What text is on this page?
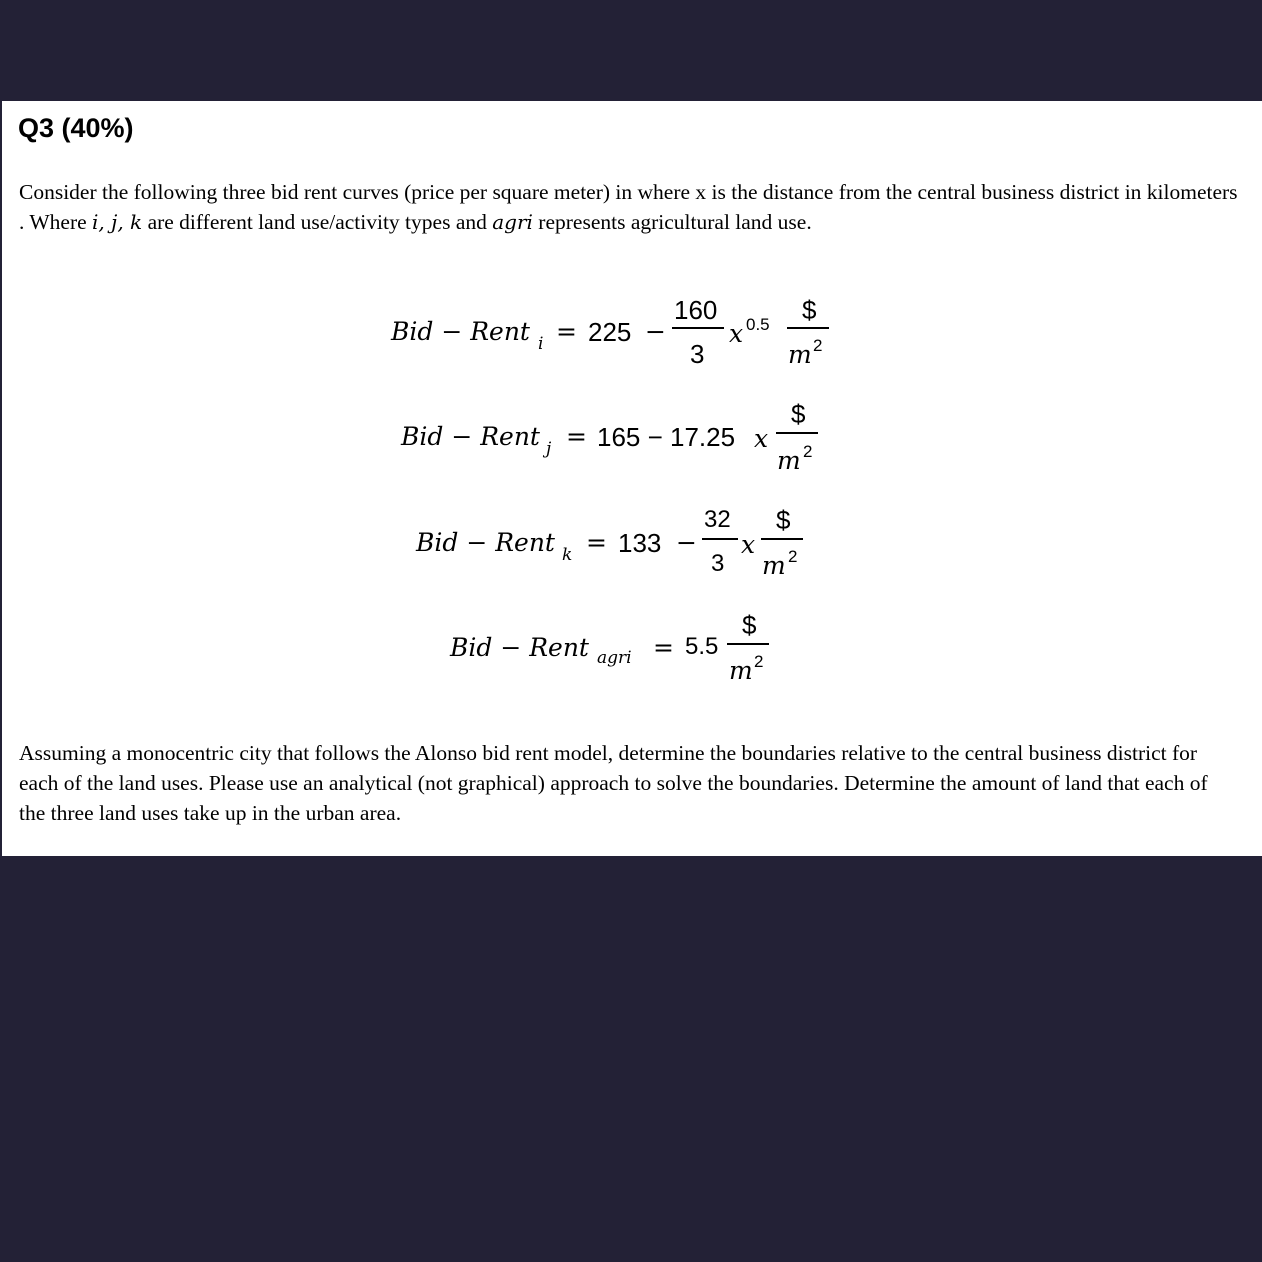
Q3 (40%)

Consider the following three bid rent curves (price per square meter) in where x is the distance from the central business district in kilometers . Where i, j, k are different land use/activity types and agri represents agricultural land use.

Bid − Rent i = 225 −
160
3
x 0.5 $
m 2
Bid − Rent j = 165 − 17.25 x
$
m 2
Bid − Rent k = 133 −
32
3
x
$
m 2
Bid − Rent agri = 5.5
$
m 2

Assuming a monocentric city that follows the Alonso bid rent model, determine the boundaries relative to the central business district for each of the land uses. Please use an analytical (not graphical) approach to solve the boundaries. Determine the amount of land that each of the three land uses take up in the urban area.
